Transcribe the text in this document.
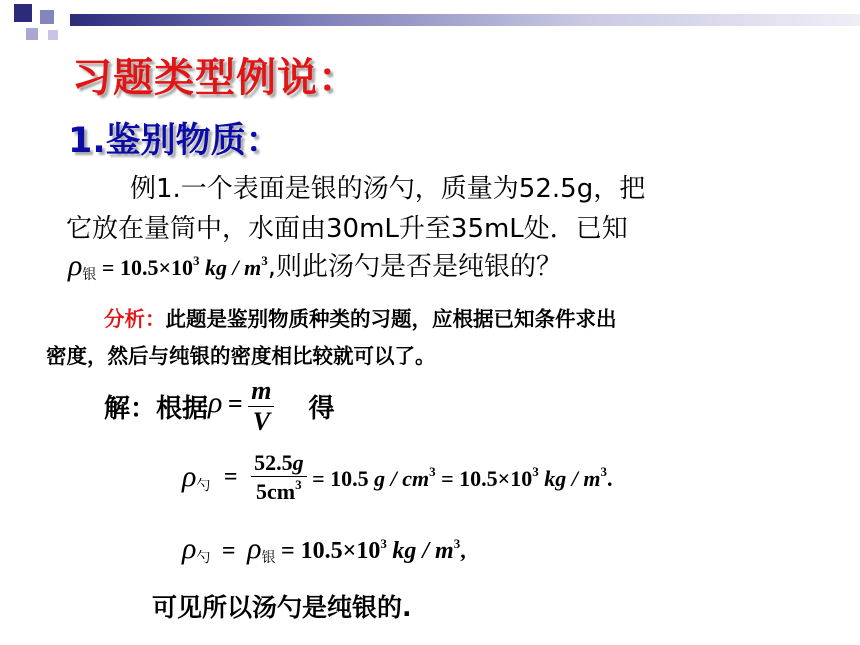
习题类型例说：
1.鉴别物质：
例1.一个表面是银的汤勺，质量为52.5g，把
它放在量筒中，水面由30mL升至35mL处．已知
ρ银 = $10.5\times 10^3$ kg / $m^3$,则此汤勺是否是纯银的？
分析：此题是鉴别物质种类的习题，应根据已知条件求出
密度，然后与纯银的密度相比较就可以了。
解：根据$\rho = \frac{m}{V}$ 得
ρ勺 = $\frac{52.5g}{5cm^3} = 10.5$ $g / cm^3 = 10.5\times 10^3$ kg / $m^3$.
ρ勺 = ρ银 = $10.5\times 10^3$ kg / $m^3$,
可见所以汤勺是纯银的.
